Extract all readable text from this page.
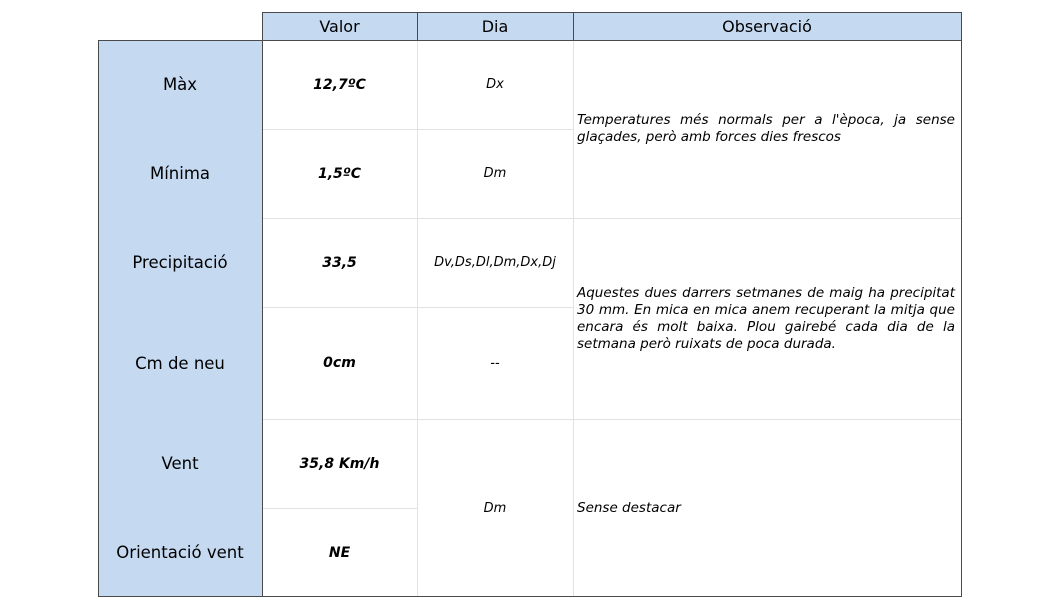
Valor	Dia	Observació
Màx
Mínima
Precipitació
Cm de neu
Vent
Orientació vent
12,7ºC
1,5ºC
33,5
0cm
35,8 Km/h
NE
Dx
Dm
Dv,Ds,Dl,Dm,Dx,Dj
--
Dm
Temperatures més normals per a l'època, ja sense glaçades, però amb forces dies frescos
Aquestes dues darrers setmanes de maig ha precipitat 30 mm. En mica en mica anem recuperant la mitja que encara és molt baixa. Plou gairebé cada dia de la setmana però ruixats de poca durada.
Sense destacar
